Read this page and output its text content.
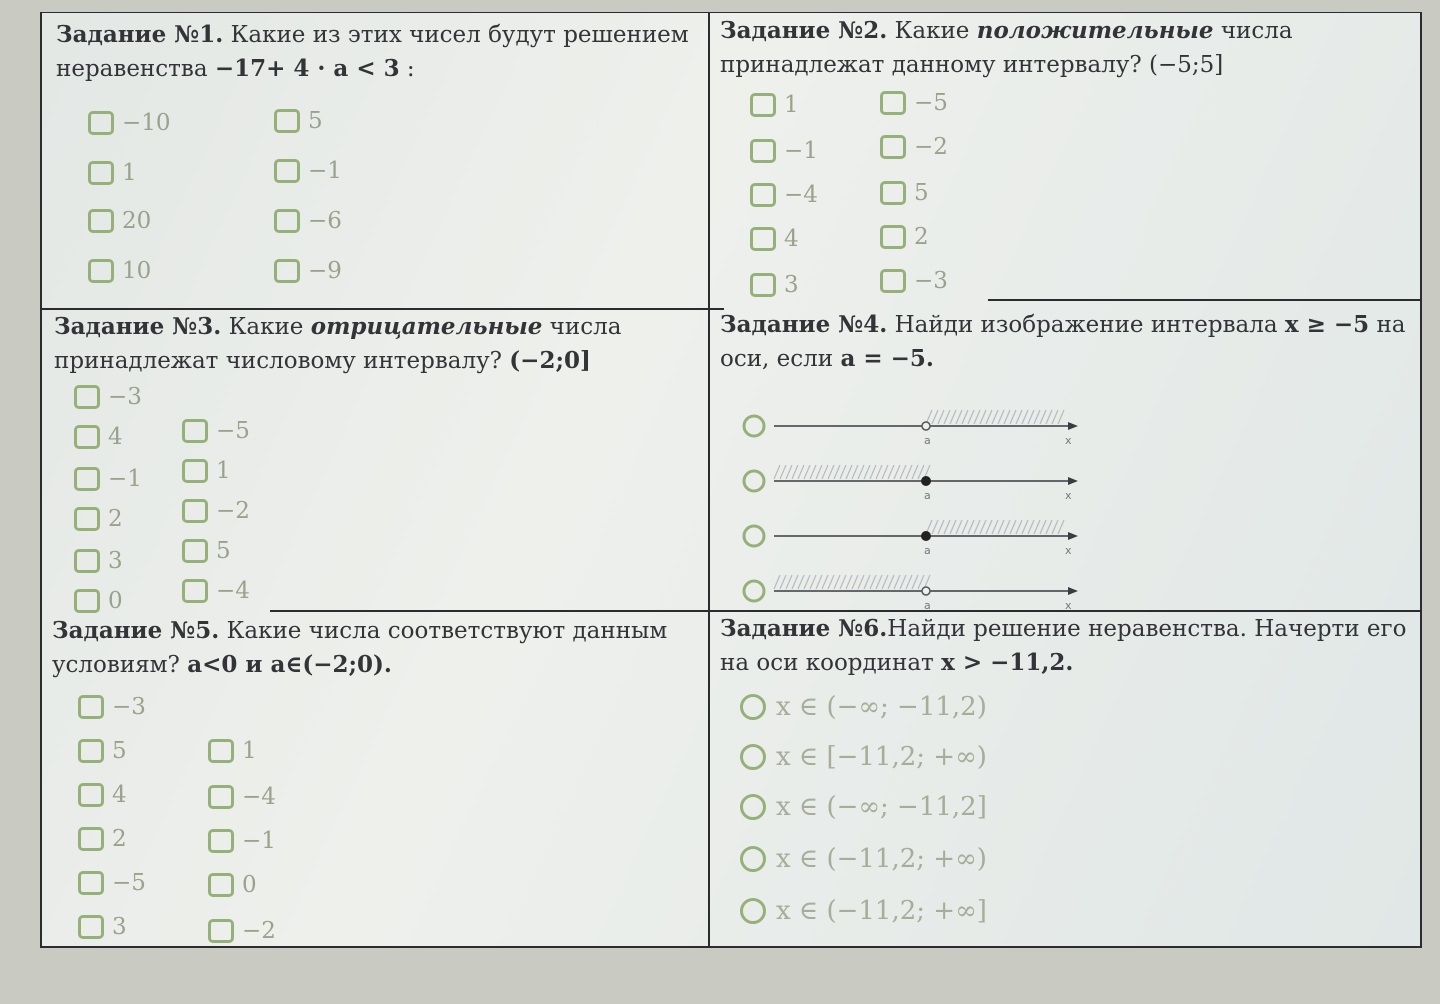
Задание №1. Какие из этих чисел будут решением неравенства −17+ 4 · a < 3 :

−10	5
1	−1
20	−6
10	−9

Задание №2. Какие положительные числа принадлежат данному интервалу? (−5;5]

1	−5
−1	−2
−4	5
4	2
3	−3

Задание №3. Какие отрицательные числа принадлежат числовому интервалу? (−2;0]

−3
4	−5
−1	1
2	−2
3	5
0	−4

Задание №4. Найди изображение интервала x ≥ −5 на оси, если a = −5.

a	x
a	x
a	x
a	x

Задание №5. Какие числа соответствуют данным условиям? a<0 и a∈(−2;0).

−3
5	1
4	−4
2	−1
−5	0
3	−2

Задание №6.Найди решение неравенства. Начерти его на оси координат x > −11,2.

x ∈ (−∞; −11,2)
x ∈ [−11,2; +∞)
x ∈ (−∞; −11,2]
x ∈ (−11,2; +∞)
x ∈ (−11,2; +∞]
